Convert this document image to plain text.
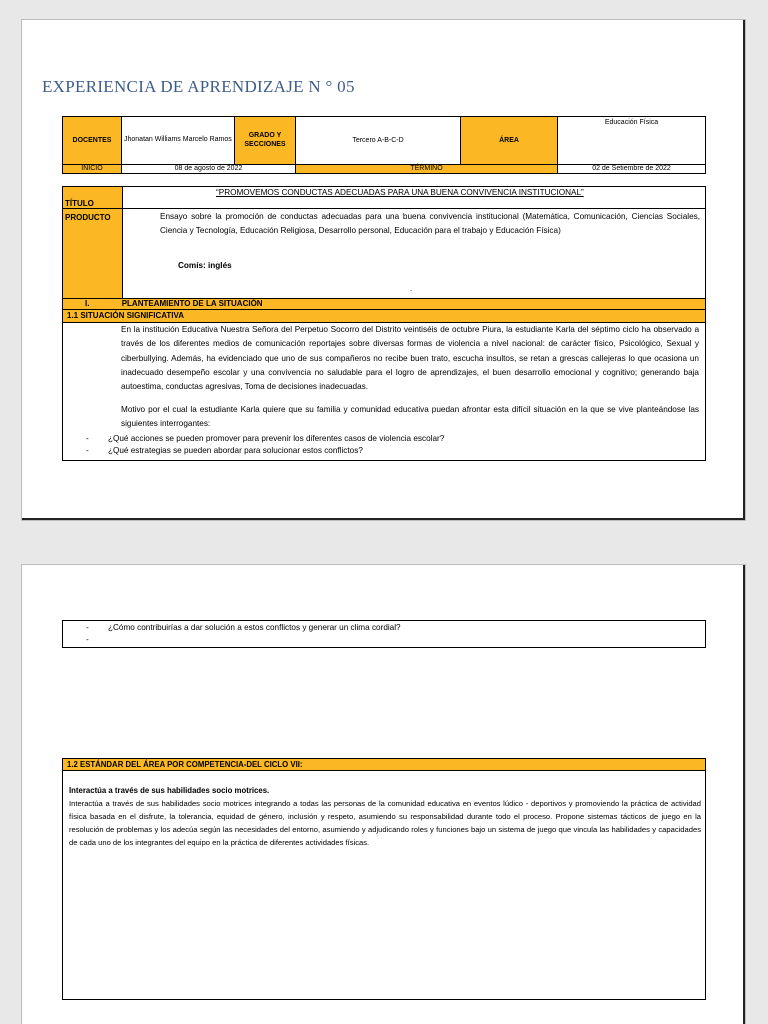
EXPERIENCIA DE APRENDIZAJE N ° 05
DOCENTES	Jhonatan Williams Marcelo Ramos	GRADO Y SECCIONES	Tercero A-B-C-D	ÁREA	Educación Física
INICIO	08 de agosto de 2022		TÉRMINO		02 de Setiembre de 2022
TÍTULO
“PROMOVEMOS CONDUCTAS ADECUADAS PARA UNA BUENA CONVIVENCIA INSTITUCIONAL”
PRODUCTO	Ensayo sobre la promoción de conductas adecuadas para una buena convivencia institucional (Matemática, Comunicación, Ciencias Sociales, Ciencia y Tecnología, Educación Religiosa, Desarrollo personal, Educación para el trabajo y Educación Física)
Comís: inglés
.
I.	PLANTEAMIENTO DE LA SITUACIÓN
1.1 SITUACIÓN SIGNIFICATIVA
En la institución Educativa Nuestra Señora del Perpetuo Socorro del Distrito veintiséis de octubre Piura, la estudiante Karla del séptimo ciclo ha observado a través de los diferentes medios de comunicación reportajes sobre diversas formas de violencia a nivel nacional: de carácter físico, Psicológico, Sexual y ciberbullying. Además, ha evidenciado que uno de sus compañeros no recibe buen trato, escucha insultos, se retan a grescas callejeras lo que ocasiona un inadecuado desempeño escolar y una convivencia no saludable para el logro de aprendizajes, el buen desarrollo emocional y cognitivo; generando baja autoestima, conductas agresivas, Toma de decisiones inadecuadas.
Motivo por el cual la estudiante Karla quiere que su familia y comunidad educativa puedan afrontar esta difícil situación en la que se vive planteándose las siguientes interrogantes:
- ¿Qué acciones se pueden promover para prevenir los diferentes casos de violencia escolar?
- ¿Qué estrategias se pueden abordar para solucionar estos conflictos?
- ¿Cómo contribuirías a dar solución a estos conflictos y generar un clima cordial?
-
1.2 ESTÁNDAR DEL ÁREA POR COMPETENCIA-DEL CICLO VII:
Interactúa a través de sus habilidades socio motrices.
Interactúa a través de sus habilidades socio motrices integrando a todas las personas de la comunidad educativa en eventos lúdico - deportivos y promoviendo la práctica de actividad física basada en el disfrute, la tolerancia, equidad de género, inclusión y respeto, asumiendo su responsabilidad durante todo el proceso. Propone sistemas tácticos de juego en la resolución de problemas y los adecúa según las necesidades del entorno, asumiendo y adjudicando roles y funciones bajo un sistema de juego que vincula las habilidades y capacidades de cada uno de los integrantes del equipo en la práctica de diferentes actividades físicas.
